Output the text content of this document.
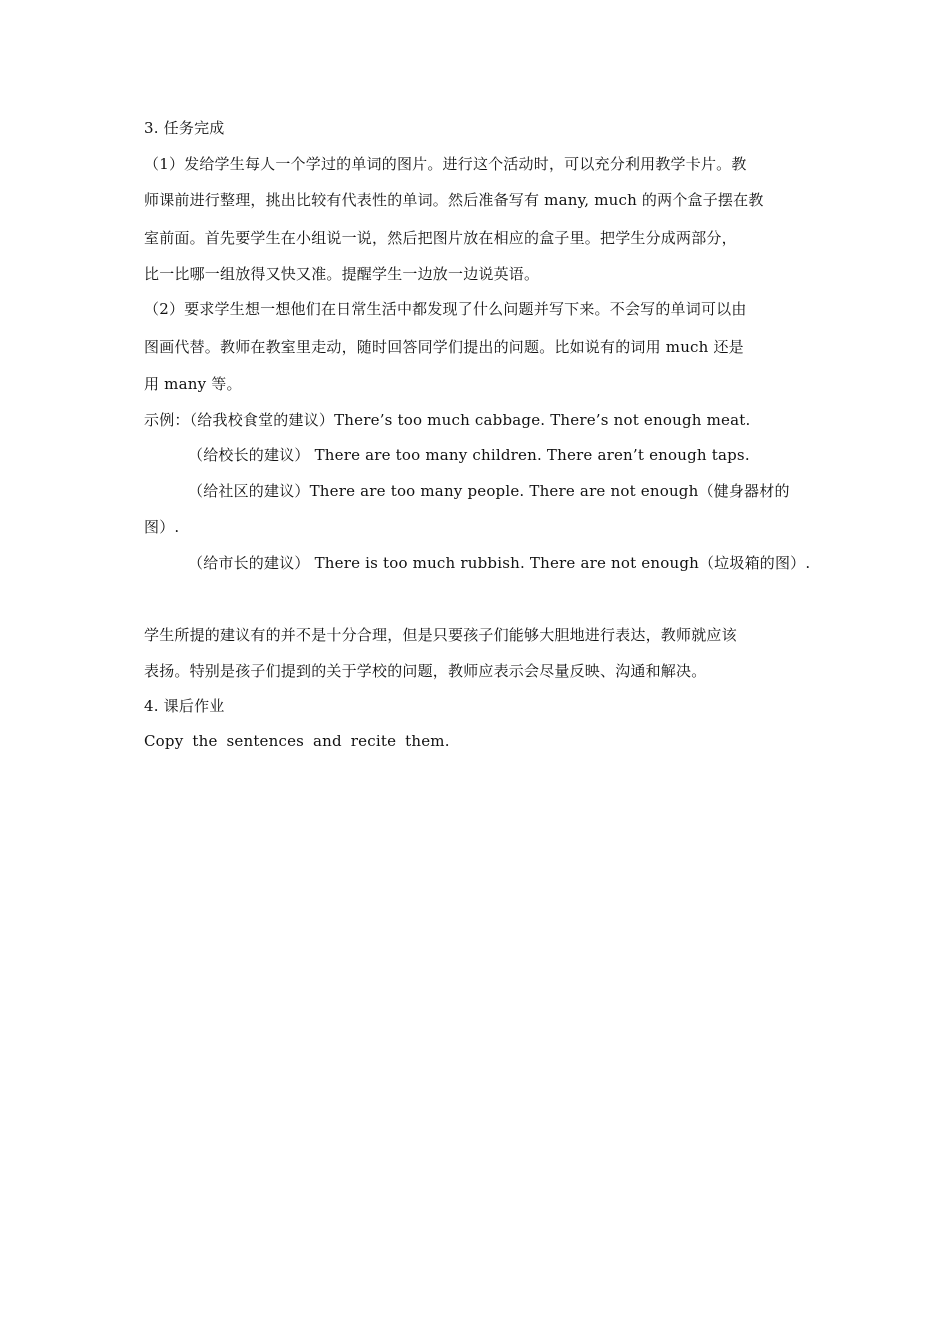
3. 任务完成
（1）发给学生每人一个学过的单词的图片。进行这个活动时，可以充分利用教学卡片。教
师课前进行整理，挑出比较有代表性的单词。然后准备写有 many, much 的两个盒子摆在教
室前面。首先要学生在小组说一说，然后把图片放在相应的盒子里。把学生分成两部分，
比一比哪一组放得又快又准。提醒学生一边放一边说英语。
（2）要求学生想一想他们在日常生活中都发现了什么问题并写下来。不会写的单词可以由
图画代替。教师在教室里走动，随时回答同学们提出的问题。比如说有的词用 much 还是
用 many 等。
示例：（给我校食堂的建议）There’s too much cabbage. There’s not enough meat.
（给校长的建议） There are too many children. There aren’t enough taps.
（给社区的建议）There are too many people. There are not enough（健身器材的
图）.
（给市长的建议） There is too much rubbish. There are not enough（垃圾箱的图）.
学生所提的建议有的并不是十分合理，但是只要孩子们能够大胆地进行表达，教师就应该
表扬。特别是孩子们提到的关于学校的问题，教师应表示会尽量反映、沟通和解决。
4. 课后作业
Copy the sentences and recite them.
